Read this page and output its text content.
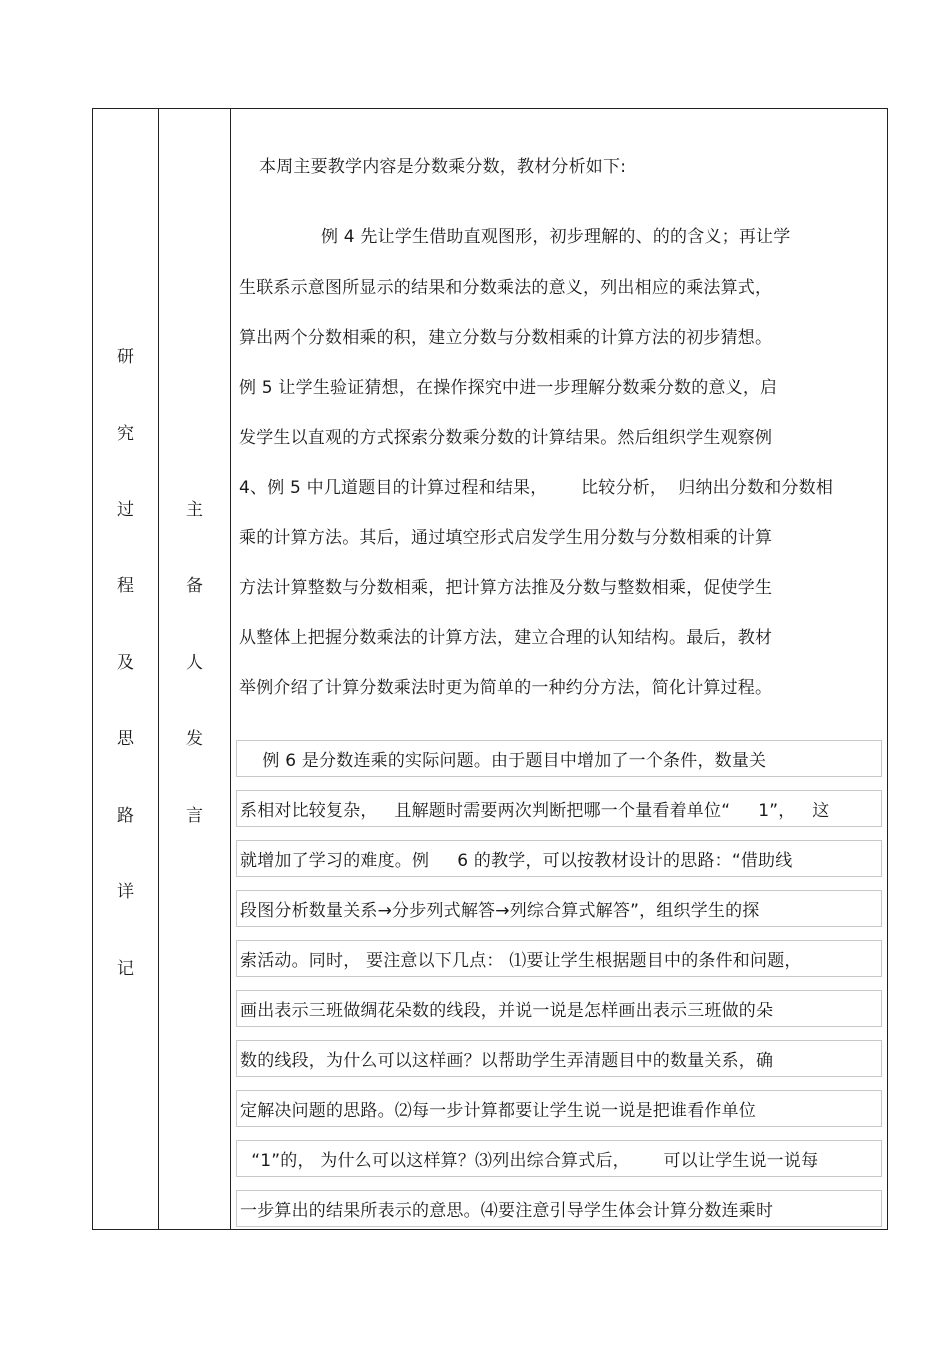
研
究
过
程
及
思
路
详
记
主
备
人
发
言
本周主要教学内容是分数乘分数，教材分析如下:
例 4 先让学生借助直观图形，初步理解的、的的含义；再让学
生联系示意图所显示的结果和分数乘法的意义，列出相应的乘法算式，
算出两个分数相乘的积，建立分数与分数相乘的计算方法的初步猜想。
例 5 让学生验证猜想，在操作探究中进一步理解分数乘分数的意义，启
发学生以直观的方式探索分数乘分数的计算结果。然后组织学生观察例
4、例 5 中几道题目的计算过程和结果，      比较分析，  归纳出分数和分数相
乘的计算方法。其后，通过填空形式启发学生用分数与分数相乘的计算
方法计算整数与分数相乘，把计算方法推及分数与整数相乘，促使学生
从整体上把握分数乘法的计算方法，建立合理的认知结构。最后，教材
举例介绍了计算分数乘法时更为简单的一种约分方法，简化计算过程。
例 6 是分数连乘的实际问题。由于题目中增加了一个条件，数量关
系相对比较复杂，   且解题时需要两次判断把哪一个量看着单位“     1”，   这
就增加了学习的难度。例     6 的教学，可以按教材设计的思路：“借助线
段图分析数量关系→分步列式解答→列综合算式解答”，组织学生的探
索活动。同时， 要注意以下几点： ⑴要让学生根据题目中的条件和问题，
画出表示三班做绸花朵数的线段，并说一说是怎样画出表示三班做的朵
数的线段，为什么可以这样画？以帮助学生弄清题目中的数量关系，确
定解决问题的思路。⑵每一步计算都要让学生说一说是把谁看作单位
“1”的， 为什么可以这样算？⑶列出综合算式后，      可以让学生说一说每
一步算出的结果所表示的意思。⑷要注意引导学生体会计算分数连乘时
